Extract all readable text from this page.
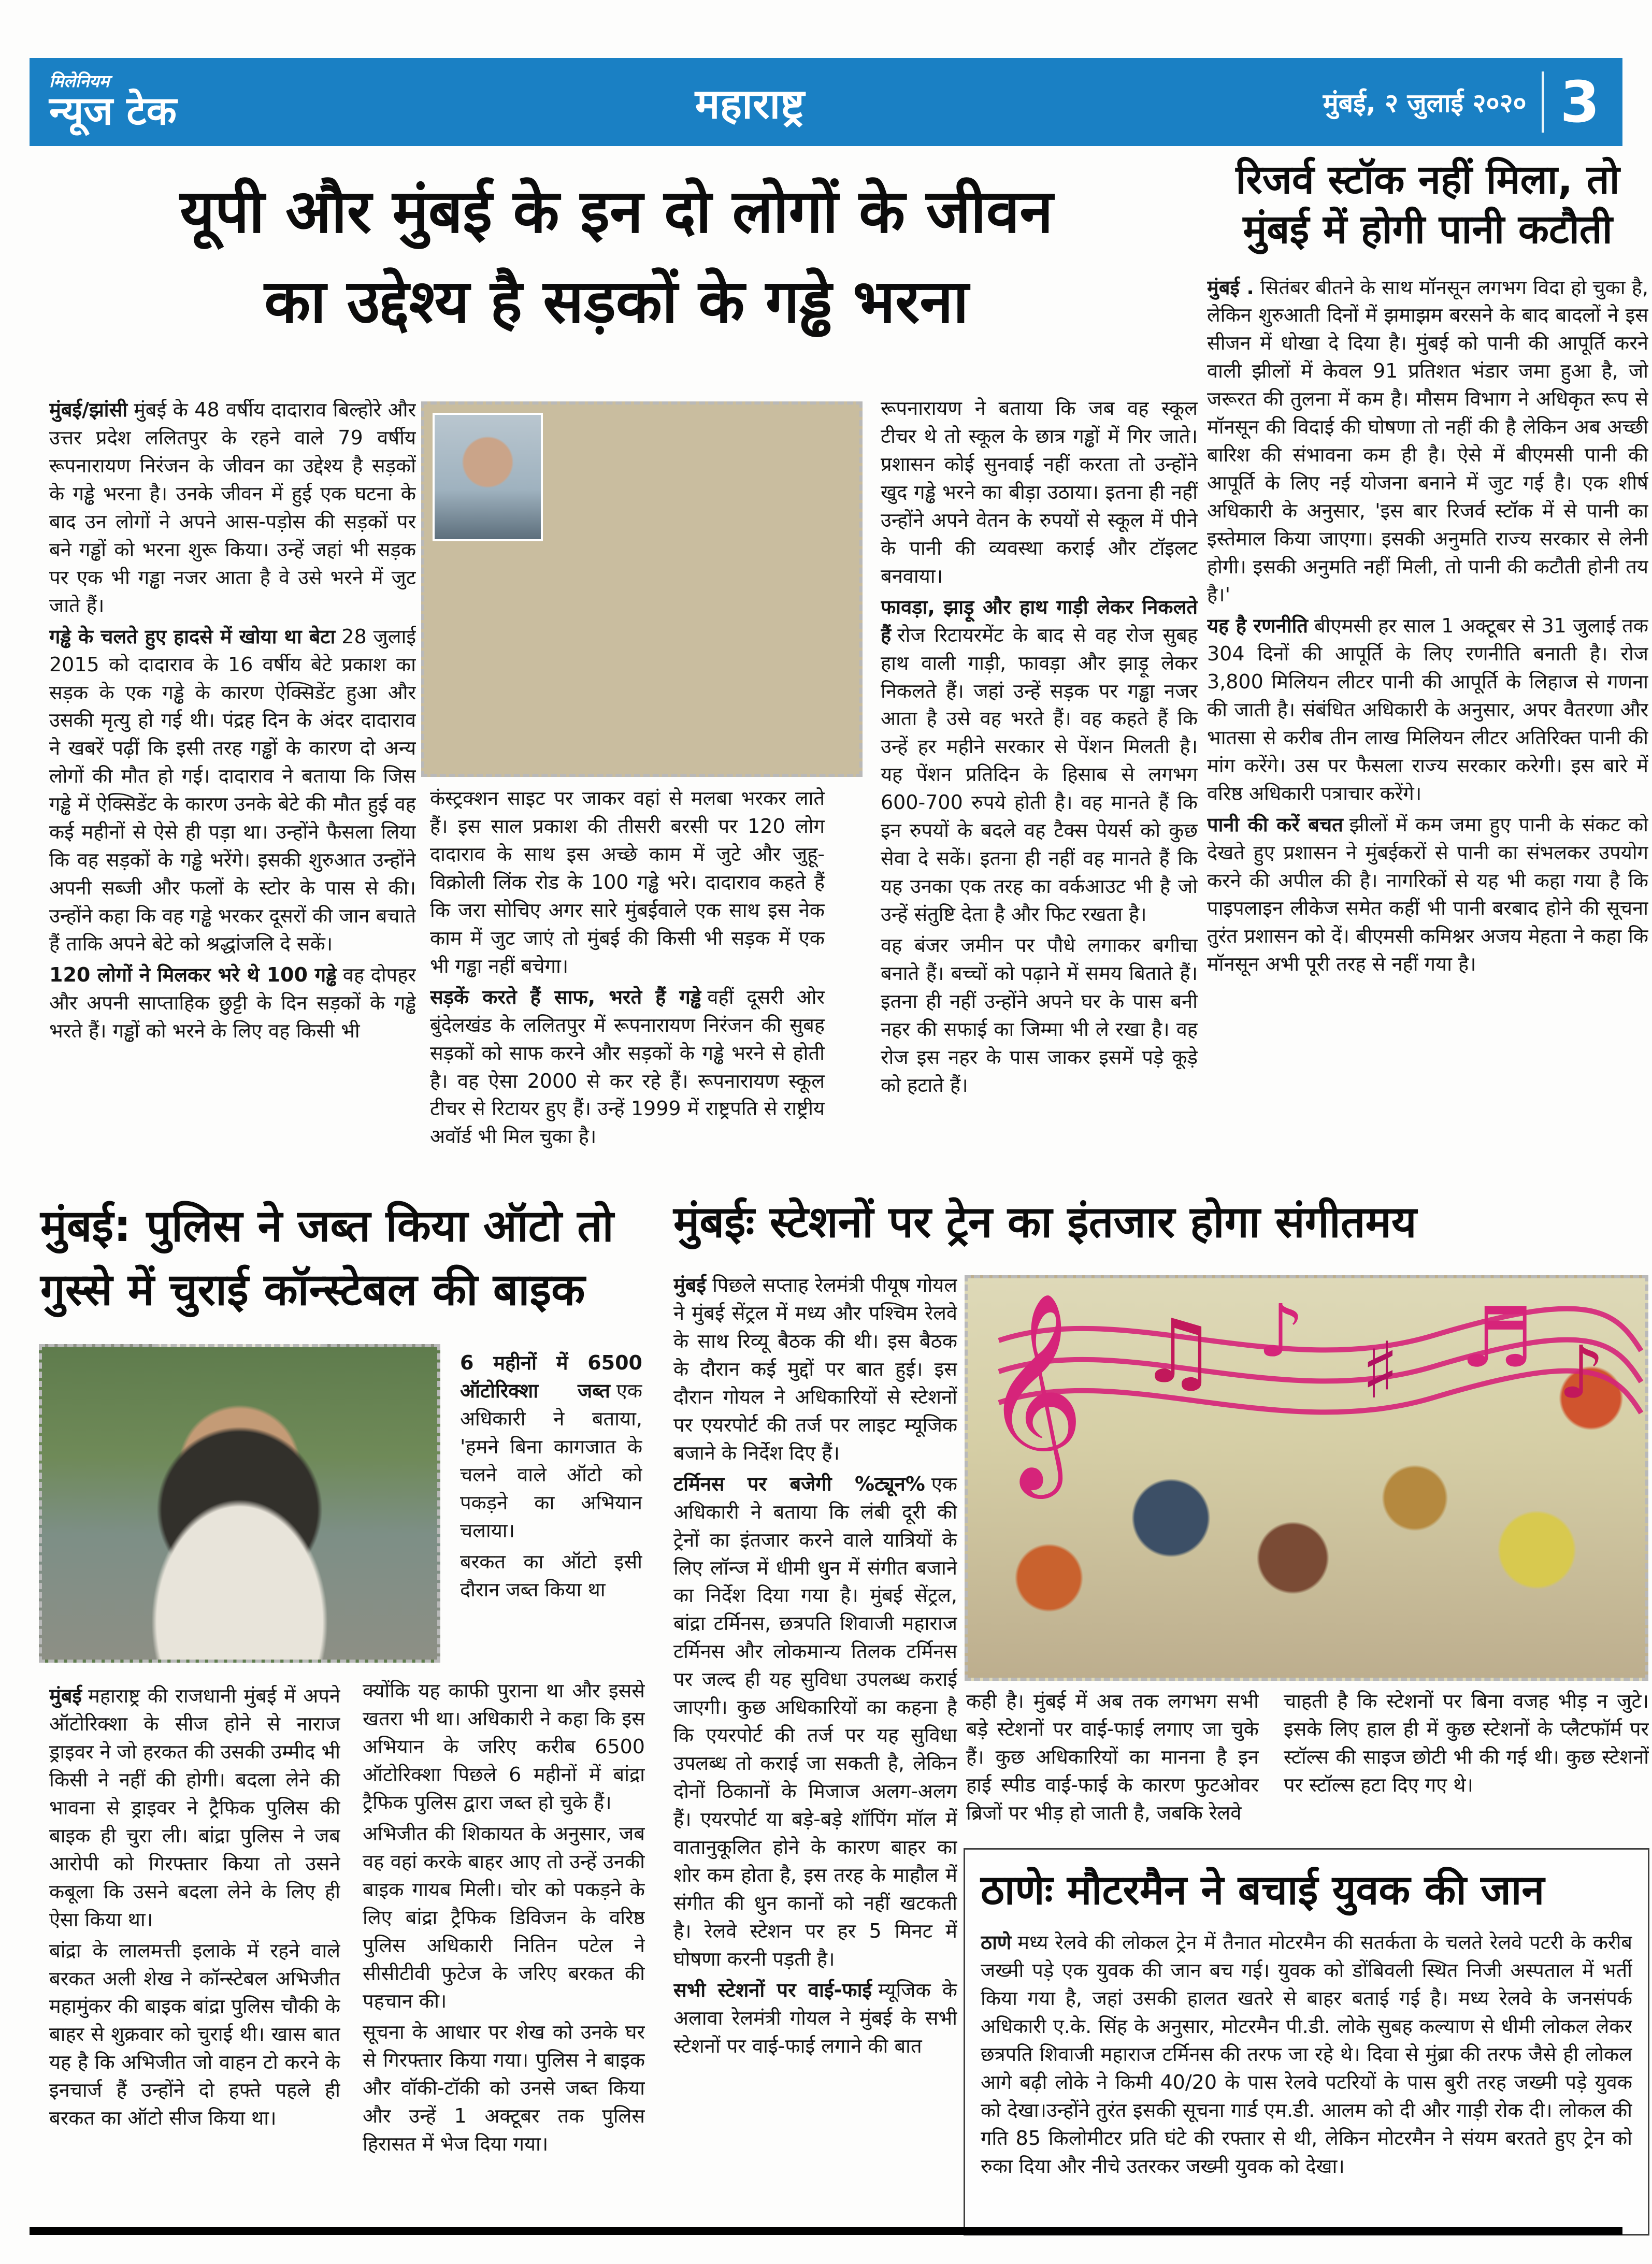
मिलेनियम
न्यूज टेक	महाराष्ट्र	मुंबई, २ जुलाई २०२० 3
यूपी और मुंबई के इन दो लोगों के जीवन
का उद्देश्य है सड़कों के गड्ढे भरना
रिजर्व स्टॉक नहीं मिला, तो
मुंबई में होगी पानी कटौती

मुंबई . सितंबर बीतने के साथ मॉनसून लगभग विदा हो चुका है, लेकिन शुरुआती दिनों में झमाझम बरसने के बाद बादलों ने इस सीजन में धोखा दे दिया है। मुंबई को पानी की आपूर्ति करने वाली झीलों में केवल 91 प्रतिशत भंडार जमा हुआ है, जो जरूरत की तुलना में कम है। मौसम विभाग ने अधिकृत रूप से मॉनसून की विदाई की घोषणा तो नहीं की है लेकिन अब अच्छी बारिश की संभावना कम ही है। ऐसे में बीएमसी पानी की आपूर्ति के लिए नई योजना बनाने में जुट गई है। एक शीर्ष अधिकारी के अनुसार, 'इस बार रिजर्व स्टॉक में से पानी का इस्तेमाल किया जाएगा। इसकी अनुमति राज्य सरकार से लेनी होगी। इसकी अनुमति नहीं मिली, तो पानी की कटौती होनी तय है।'

यह है रणनीति बीएमसी हर साल 1 अक्टूबर से 31 जुलाई तक 304 दिनों की आपूर्ति के लिए रणनीति बनाती है। रोज 3,800 मिलियन लीटर पानी की आपूर्ति के लिहाज से गणना की जाती है। संबंधित अधिकारी के अनुसार, अपर वैतरणा और भातसा से करीब तीन लाख मिलियन लीटर अतिरिक्त पानी की मांग करेंगे। उस पर फैसला राज्य सरकार करेगी। इस बारे में वरिष्ठ अधिकारी पत्राचार करेंगे।

पानी की करें बचत झीलों में कम जमा हुए पानी के संकट को देखते हुए प्रशासन ने मुंबईकरों से पानी का संभलकर उपयोग करने की अपील की है। नागरिकों से यह भी कहा गया है कि पाइपलाइन लीकेज समेत कहीं भी पानी बरबाद होने की सूचना तुरंत प्रशासन को दें। बीएमसी कमिश्नर अजय मेहता ने कहा कि मॉनसून अभी पूरी तरह से नहीं गया है।

मुंबई/झांसी मुंबई के 48 वर्षीय दादाराव बिल्होरे और उत्तर प्रदेश ललितपुर के रहने वाले 79 वर्षीय रूपनारायण निरंजन के जीवन का उद्देश्य है सड़कों के गड्ढे भरना है। उनके जीवन में हुई एक घटना के बाद उन लोगों ने अपने आस-पड़ोस की सड़कों पर बने गड्ढों को भरना शुरू किया। उन्हें जहां भी सड़क पर एक भी गड्ढा नजर आता है वे उसे भरने में जुट जाते हैं।

गड्ढे के चलते हुए हादसे में खोया था बेटा 28 जुलाई 2015 को दादाराव के 16 वर्षीय बेटे प्रकाश का सड़क के एक गड्ढे के कारण ऐक्सिडेंट हुआ और उसकी मृत्यु हो गई थी। पंद्रह दिन के अंदर दादाराव ने खबरें पढ़ीं कि इसी तरह गड्ढों के कारण दो अन्य लोगों की मौत हो गई। दादाराव ने बताया कि जिस गड्ढे में ऐक्सिडेंट के कारण उनके बेटे की मौत हुई वह कई महीनों से ऐसे ही पड़ा था। उन्होंने फैसला लिया कि वह सड़कों के गड्ढे भरेंगे। इसकी शुरुआत उन्होंने अपनी सब्जी और फलों के स्टोर के पास से की। उन्होंने कहा कि वह गड्ढे भरकर दूसरों की जान बचाते हैं ताकि अपने बेटे को श्रद्धांजलि दे सकें।

120 लोगों ने मिलकर भरे थे 100 गड्ढे वह दोपहर और अपनी साप्ताहिक छुट्टी के दिन सड़कों के गड्ढे भरते हैं। गड्ढों को भरने के लिए वह किसी भी

कंस्ट्रक्शन साइट पर जाकर वहां से मलबा भरकर लाते हैं। इस साल प्रकाश की तीसरी बरसी पर 120 लोग दादाराव के साथ इस अच्छे काम में जुटे और जुहू-विक्रोली लिंक रोड के 100 गड्ढे भरे। दादाराव कहते हैं कि जरा सोचिए अगर सारे मुंबईवाले एक साथ इस नेक काम में जुट जाएं तो मुंबई की किसी भी सड़क में एक भी गड्ढा नहीं बचेगा।

सड़कें करते हैं साफ, भरते हैं गड्ढे वहीं दूसरी ओर बुंदेलखंड के ललितपुर में रूपनारायण निरंजन की सुबह सड़कों को साफ करने और सड़कों के गड्ढे भरने से होती है। वह ऐसा 2000 से कर रहे हैं। रूपनारायण स्कूल टीचर से रिटायर हुए हैं। उन्हें 1999 में राष्ट्रपति से राष्ट्रीय अवॉर्ड भी मिल चुका है।

रूपनारायण ने बताया कि जब वह स्कूल टीचर थे तो स्कूल के छात्र गड्ढों में गिर जाते। प्रशासन कोई सुनवाई नहीं करता तो उन्होंने खुद गड्ढे भरने का बीड़ा उठाया। इतना ही नहीं उन्होंने अपने वेतन के रुपयों से स्कूल में पीने के पानी की व्यवस्था कराई और टॉइलट बनवाया।

फावड़ा, झाड़ू और हाथ गाड़ी लेकर निकलते हैं रोज रिटायरमेंट के बाद से वह रोज सुबह हाथ वाली गाड़ी, फावड़ा और झाड़ू लेकर निकलते हैं। जहां उन्हें सड़क पर गड्ढा नजर आता है उसे वह भरते हैं। वह कहते हैं कि उन्हें हर महीने सरकार से पेंशन मिलती है। यह पेंशन प्रतिदिन के हिसाब से लगभग 600-700 रुपये होती है। वह मानते हैं कि इन रुपयों के बदले वह टैक्स पेयर्स को कुछ सेवा दे सकें। इतना ही नहीं वह मानते हैं कि यह उनका एक तरह का वर्कआउट भी है जो उन्हें संतुष्टि देता है और फिट रखता है।

वह बंजर जमीन पर पौधे लगाकर बगीचा बनाते हैं। बच्चों को पढ़ाने में समय बिताते हैं। इतना ही नहीं उन्होंने अपने घर के पास बनी नहर की सफाई का जिम्मा भी ले रखा है। वह रोज इस नहर के पास जाकर इसमें पड़े कूड़े को हटाते हैं।

मुंबई: पुलिस ने जब्त किया ऑटो तो
गुस्से में चुराई कॉन्स्टेबल की बाइक

6 महीनों में 6500 ऑटोरिक्शा जब्त एक अधिकारी ने बताया, 'हमने बिना कागजात के चलने वाले ऑटो को पकड़ने का अभियान चलाया।

बरकत का ऑटो इसी दौरान जब्त किया था

मुंबई महाराष्ट्र की राजधानी मुंबई में अपने ऑटोरिक्शा के सीज होने से नाराज ड्राइवर ने जो हरकत की उसकी उम्मीद भी किसी ने नहीं की होगी। बदला लेने की भावना से ड्राइवर ने ट्रैफिक पुलिस की बाइक ही चुरा ली। बांद्रा पुलिस ने जब आरोपी को गिरफ्तार किया तो उसने कबूला कि उसने बदला लेने के लिए ही ऐसा किया था।

बांद्रा के लालमत्ती इलाके में रहने वाले बरकत अली शेख ने कॉन्स्टेबल अभिजीत महामुंकर की बाइक बांद्रा पुलिस चौकी के बाहर से शुक्रवार को चुराई थी। खास बात यह है कि अभिजीत जो वाहन टो करने के इनचार्ज हैं उन्होंने दो हफ्ते पहले ही बरकत का ऑटो सीज किया था।

क्योंकि यह काफी पुराना था और इससे खतरा भी था। अधिकारी ने कहा कि इस अभियान के जरिए करीब 6500 ऑटोरिक्शा पिछले 6 महीनों में बांद्रा ट्रैफिक पुलिस द्वारा जब्त हो चुके हैं।

अभिजीत की शिकायत के अनुसार, जब वह वहां करके बाहर आए तो उन्हें उनकी बाइक गायब मिली। चोर को पकड़ने के लिए बांद्रा ट्रैफिक डिविजन के वरिष्ठ पुलिस अधिकारी नितिन पटेल ने सीसीटीवी फुटेज के जरिए बरकत की पहचान की।

सूचना के आधार पर शेख को उनके घर से गिरफ्तार किया गया। पुलिस ने बाइक और वॉकी-टॉकी को उनसे जब्त किया और उन्हें 1 अक्टूबर तक पुलिस हिरासत में भेज दिया गया।

मुंबईः स्टेशनों पर ट्रेन का इंतजार होगा संगीतमय

मुंबई पिछले सप्ताह रेलमंत्री पीयूष गोयल ने मुंबई सेंट्रल में मध्य और पश्चिम रेलवे के साथ रिव्यू बैठक की थी। इस बैठक के दौरान कई मुद्दों पर बात हुई। इस दौरान गोयल ने अधिकारियों से स्टेशनों पर एयरपोर्ट की तर्ज पर लाइट म्यूजिक बजाने के निर्देश दिए हैं।

टर्मिनस पर बजेगी %ट्यून% एक अधिकारी ने बताया कि लंबी दूरी की ट्रेनों का इंतजार करने वाले यात्रियों के लिए लॉन्ज में धीमी धुन में संगीत बजाने का निर्देश दिया गया है। मुंबई सेंट्रल, बांद्रा टर्मिनस, छत्रपति शिवाजी महाराज टर्मिनस और लोकमान्य तिलक टर्मिनस पर जल्द ही यह सुविधा उपलब्ध कराई जाएगी। कुछ अधिकारियों का कहना है कि एयरपोर्ट की तर्ज पर यह सुविधा उपलब्ध तो कराई जा सकती है, लेकिन दोनों ठिकानों के मिजाज अलग-अलग हैं। एयरपोर्ट या बड़े-बड़े शॉपिंग मॉल में वातानुकूलित होने के कारण बाहर का शोर कम होता है, इस तरह के माहौल में संगीत की धुन कानों को नहीं खटकती है। रेलवे स्टेशन पर हर 5 मिनट में घोषणा करनी पड़ती है।

सभी स्टेशनों पर वाई-फाई म्यूजिक के अलावा रेलमंत्री गोयल ने मुंबई के सभी स्टेशनों पर वाई-फाई लगाने की बात

𝄞 ♫ ♪ ♯ ♬ ♪

कही है। मुंबई में अब तक लगभग सभी बड़े स्टेशनों पर वाई-फाई लगाए जा चुके हैं। कुछ अधिकारियों का मानना है इन हाई स्पीड वाई-फाई के कारण फुटओवर ब्रिजों पर भीड़ हो जाती है, जबकि रेलवे

चाहती है कि स्टेशनों पर बिना वजह भीड़ न जुटे। इसके लिए हाल ही में कुछ स्टेशनों के प्लैटफॉर्म पर स्टॉल्स की साइज छोटी भी की गई थी। कुछ स्टेशनों पर स्टॉल्स हटा दिए गए थे।

ठाणेः मौटरमैन ने बचाई युवक की जान

ठाणे मध्य रेलवे की लोकल ट्रेन में तैनात मोटरमैन की सतर्कता के चलते रेलवे पटरी के करीब जख्मी पड़े एक युवक की जान बच गई। युवक को डोंबिवली स्थित निजी अस्पताल में भर्ती किया गया है, जहां उसकी हालत खतरे से बाहर बताई गई है। मध्य रेलवे के जनसंपर्क अधिकारी ए.के. सिंह के अनुसार, मोटरमैन पी.डी. लोके सुबह कल्याण से धीमी लोकल लेकर छत्रपति शिवाजी महाराज टर्मिनस की तरफ जा रहे थे। दिवा से मुंब्रा की तरफ जैसे ही लोकल आगे बढ़ी लोके ने किमी 40/20 के पास रेलवे पटरियों के पास बुरी तरह जख्मी पड़े युवक को देखा।उन्होंने तुरंत इसकी सूचना गार्ड एम.डी. आलम को दी और गाड़ी रोक दी। लोकल की गति 85 किलोमीटर प्रति घंटे की रफ्तार से थी, लेकिन मोटरमैन ने संयम बरतते हुए ट्रेन को रुका दिया और नीचे उतरकर जख्मी युवक को देखा।
